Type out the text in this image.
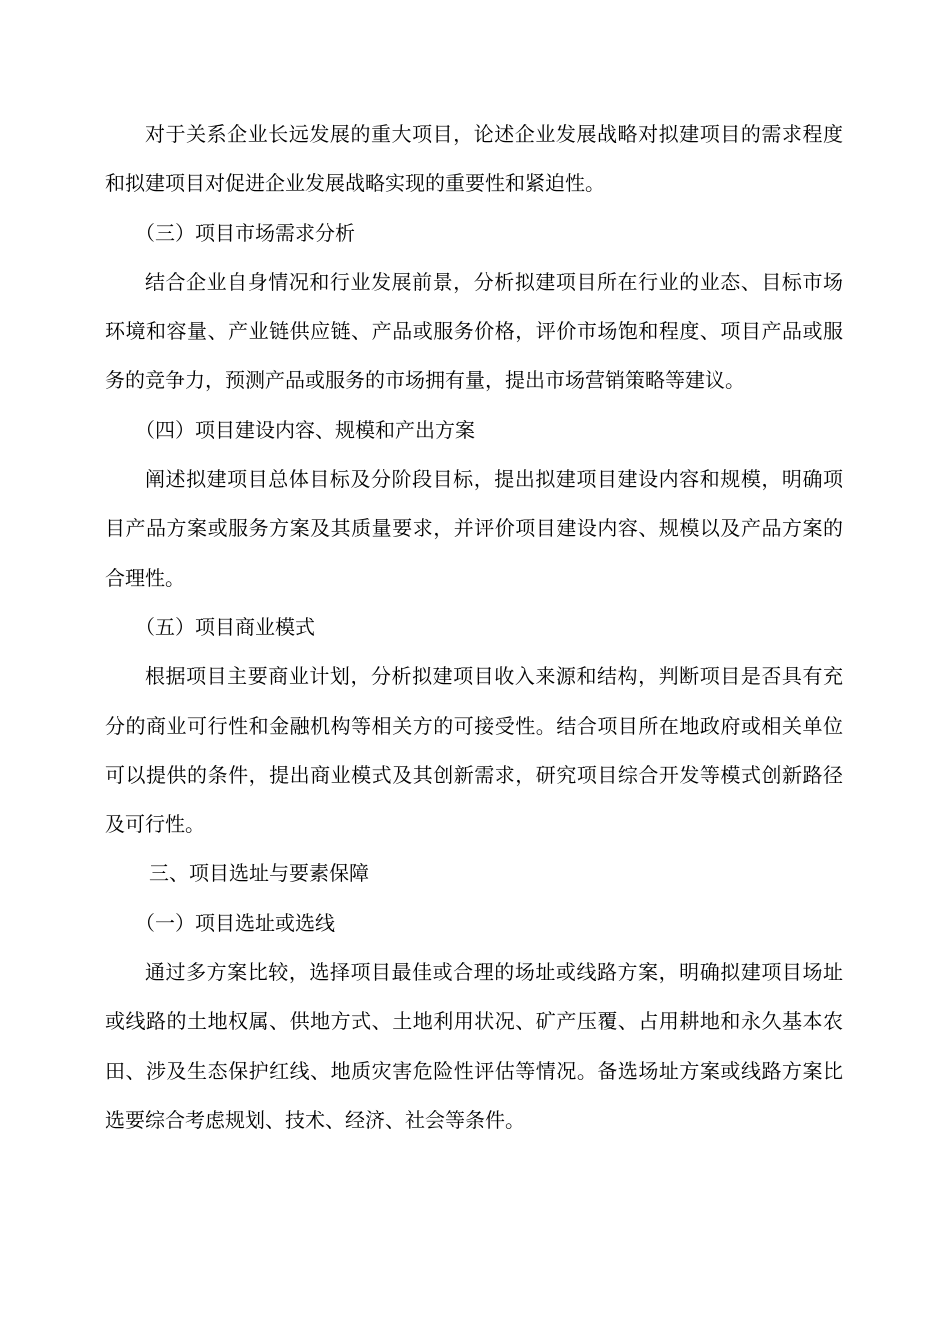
对于关系企业长远发展的重大项目，论述企业发展战略对拟建项目的需求程度和拟建项目对促进企业发展战略实现的重要性和紧迫性。

（三）项目市场需求分析

结合企业自身情况和行业发展前景，分析拟建项目所在行业的业态、目标市场环境和容量、产业链供应链、产品或服务价格，评价市场饱和程度、项目产品或服务的竞争力，预测产品或服务的市场拥有量，提出市场营销策略等建议。

（四）项目建设内容、规模和产出方案

阐述拟建项目总体目标及分阶段目标，提出拟建项目建设内容和规模，明确项目产品方案或服务方案及其质量要求，并评价项目建设内容、规模以及产品方案的合理性。

（五）项目商业模式

根据项目主要商业计划，分析拟建项目收入来源和结构，判断项目是否具有充分的商业可行性和金融机构等相关方的可接受性。结合项目所在地政府或相关单位可以提供的条件，提出商业模式及其创新需求，研究项目综合开发等模式创新路径及可行性。

三、项目选址与要素保障

（一）项目选址或选线

通过多方案比较，选择项目最佳或合理的场址或线路方案，明确拟建项目场址或线路的土地权属、供地方式、土地利用状况、矿产压覆、占用耕地和永久基本农田、涉及生态保护红线、地质灾害危险性评估等情况。备选场址方案或线路方案比选要综合考虑规划、技术、经济、社会等条件。
